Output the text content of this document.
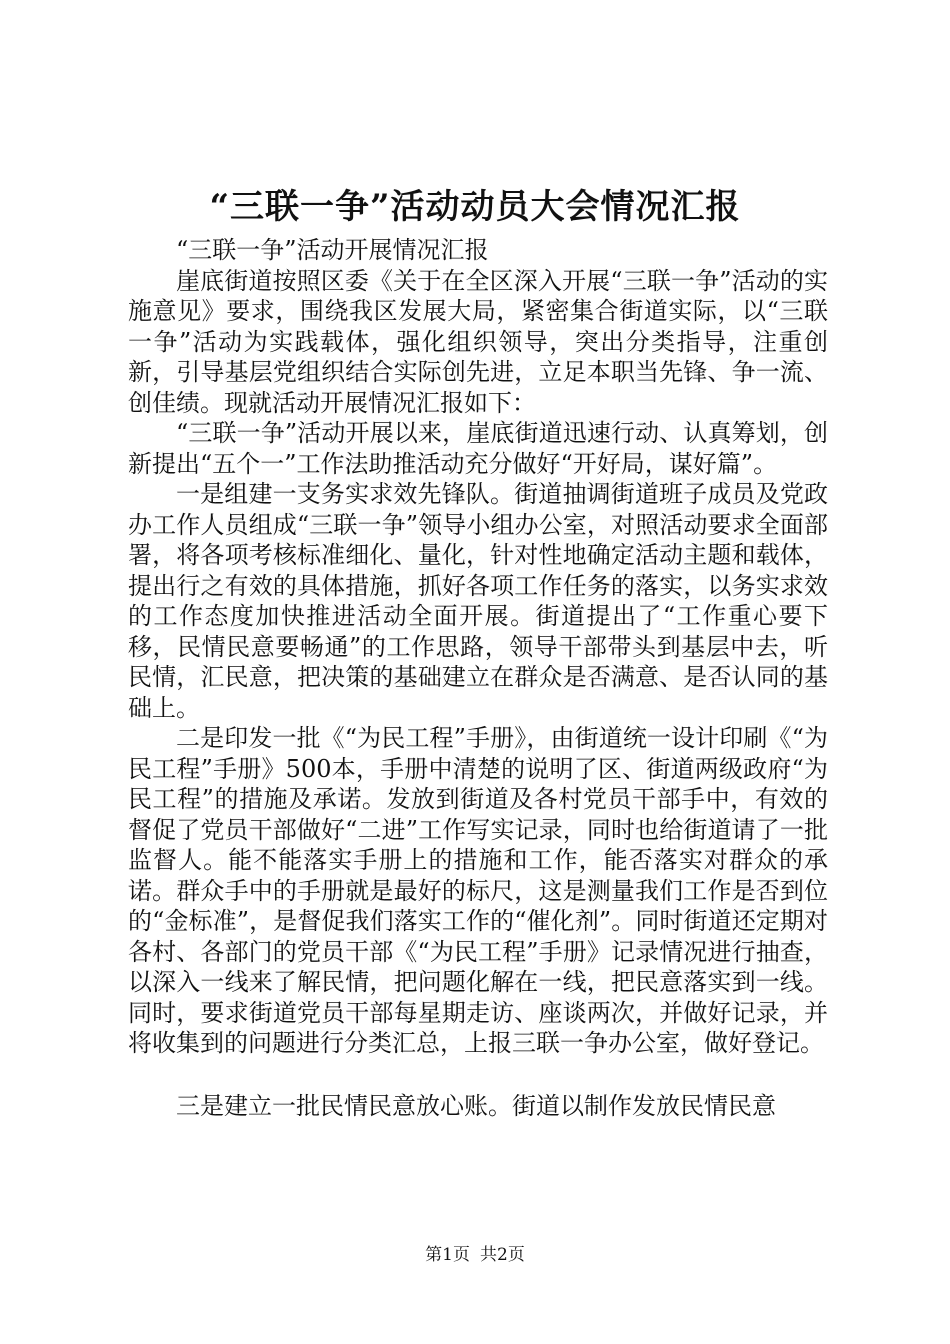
“三联一争”活动动员大会情况汇报

“三联一争”活动开展情况汇报

崖底街道按照区委《关于在全区深入开展“三联一争”活动的实施意见》要求，围绕我区发展大局，紧密集合街道实际，以“三联一争”活动为实践载体，强化组织领导，突出分类指导，注重创新，引导基层党组织结合实际创先进，立足本职当先锋、争一流、创佳绩。现就活动开展情况汇报如下：

“三联一争”活动开展以来，崖底街道迅速行动、认真筹划，创新提出“五个一”工作法助推活动充分做好“开好局，谋好篇”。

一是组建一支务实求效先锋队。街道抽调街道班子成员及党政办工作人员组成“三联一争”领导小组办公室，对照活动要求全面部署，将各项考核标准细化、量化，针对性地确定活动主题和载体，提出行之有效的具体措施，抓好各项工作任务的落实，以务实求效的工作态度加快推进活动全面开展。街道提出了“工作重心要下移，民情民意要畅通”的工作思路，领导干部带头到基层中去，听民情，汇民意，把决策的基础建立在群众是否满意、是否认同的基础上。

二是印发一批《“为民工程”手册》，由街道统一设计印刷《“为民工程”手册》500本，手册中清楚的说明了区、街道两级政府“为民工程”的措施及承诺。发放到街道及各村党员干部手中，有效的督促了党员干部做好“二进”工作写实记录，同时也给街道请了一批监督人。能不能落实手册上的措施和工作，能否落实对群众的承诺。群众手中的手册就是最好的标尺，这是测量我们工作是否到位的“金标准”，是督促我们落实工作的“催化剂”。同时街道还定期对各村、各部门的党员干部《“为民工程”手册》记录情况进行抽查，以深入一线来了解民情，把问题化解在一线，把民意落实到一线。同时，要求街道党员干部每星期走访、座谈两次，并做好记录，并将收集到的问题进行分类汇总，上报三联一争办公室，做好登记。

三是建立一批民情民意放心账。街道以制作发放民情民意

第1页 共2页
